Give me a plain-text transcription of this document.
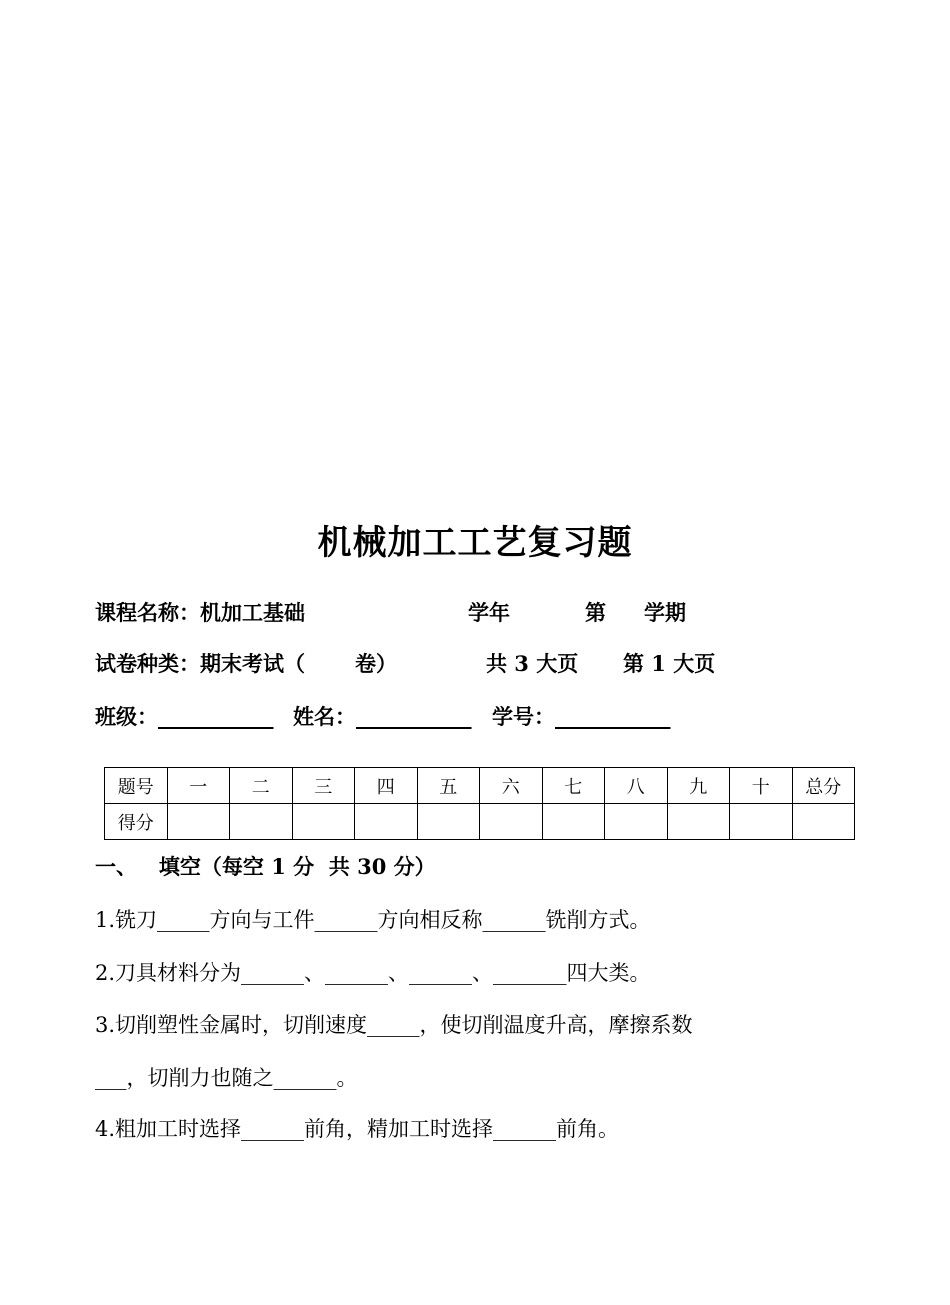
机械加工工艺复习题

课程名称：机加工基础

	学年

	第

学期

试卷种类：期末考试（

卷）

	共 3 大页

第 1 大页

班级：___________

姓名：___________

学号：___________

题号	一	二	三	四	五	六	七	八	九	十	总分
得分											
一、   填空（每空 1 分  共 30 分）
1.铣刀_____方向与工件______方向相反称______铣削方式。
2.刀具材料分为______、______、______、_______四大类。
3.切削塑性金属时，切削速度_____，使切削温度升高，摩擦系数
___，切削力也随之______。
4.粗加工时选择______前角，精加工时选择______前角。
